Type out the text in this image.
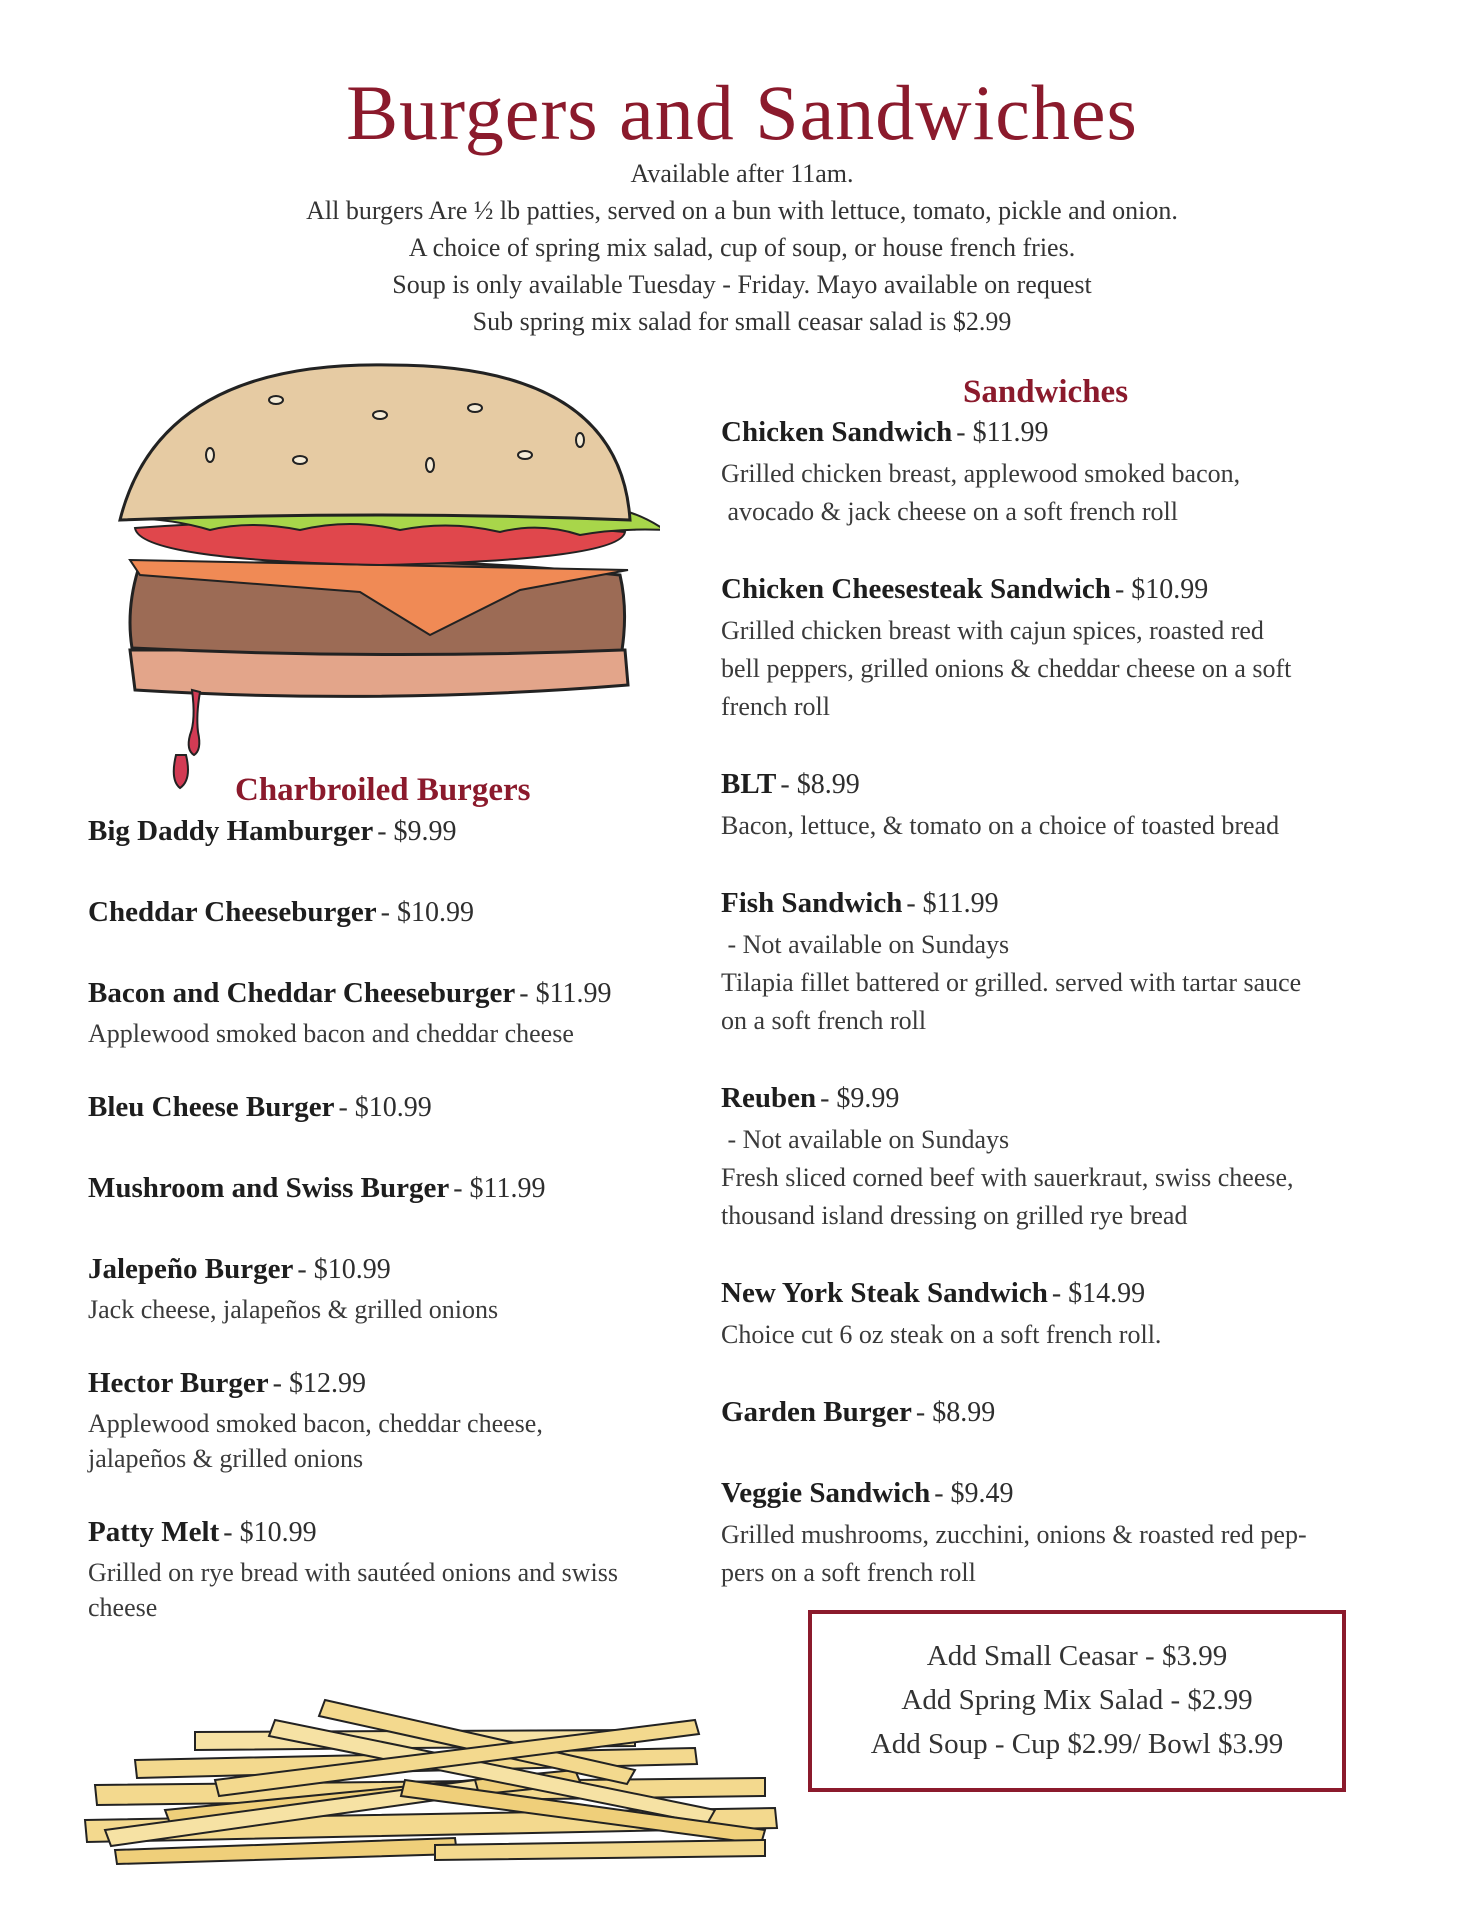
Burgers and Sandwiches
Available after 11am.
All burgers Are ½ lb patties, served on a bun with lettuce, tomato, pickle and onion.
A choice of spring mix salad, cup of soup, or house french fries.
Soup is only available Tuesday - Friday. Mayo available on request
Sub spring mix salad for small ceasar salad is $2.99
Charbroiled Burgers
Big Daddy Hamburger - $9.99
Cheddar Cheeseburger - $10.99
Bacon and Cheddar Cheeseburger - $11.99
Applewood smoked bacon and cheddar cheese
Bleu Cheese Burger - $10.99
Mushroom and Swiss Burger - $11.99
Jalepeño Burger - $10.99
Jack cheese, jalapeños & grilled onions
Hector Burger - $12.99
Applewood smoked bacon, cheddar cheese,
jalapeños & grilled onions
Patty Melt - $10.99
Grilled on rye bread with sautéed onions and swiss
cheese
Sandwiches
Chicken Sandwich - $11.99
Grilled chicken breast, applewood smoked bacon,
avocado & jack cheese on a soft french roll
Chicken Cheesesteak Sandwich - $10.99
Grilled chicken breast with cajun spices, roasted red
bell peppers, grilled onions & cheddar cheese on a soft
french roll
BLT - $8.99
Bacon, lettuce, & tomato on a choice of toasted bread
Fish Sandwich - $11.99
- Not available on Sundays
Tilapia fillet battered or grilled. served with tartar sauce
on a soft french roll
Reuben - $9.99
- Not available on Sundays
Fresh sliced corned beef with sauerkraut, swiss cheese,
thousand island dressing on grilled rye bread
New York Steak Sandwich - $14.99
Choice cut 6 oz steak on a soft french roll.
Garden Burger - $8.99
Veggie Sandwich - $9.49
Grilled mushrooms, zucchini, onions & roasted red pep-
pers on a soft french roll
Add Small Ceasar - $3.99
Add Spring Mix Salad - $2.99
Add Soup - Cup $2.99/ Bowl $3.99
